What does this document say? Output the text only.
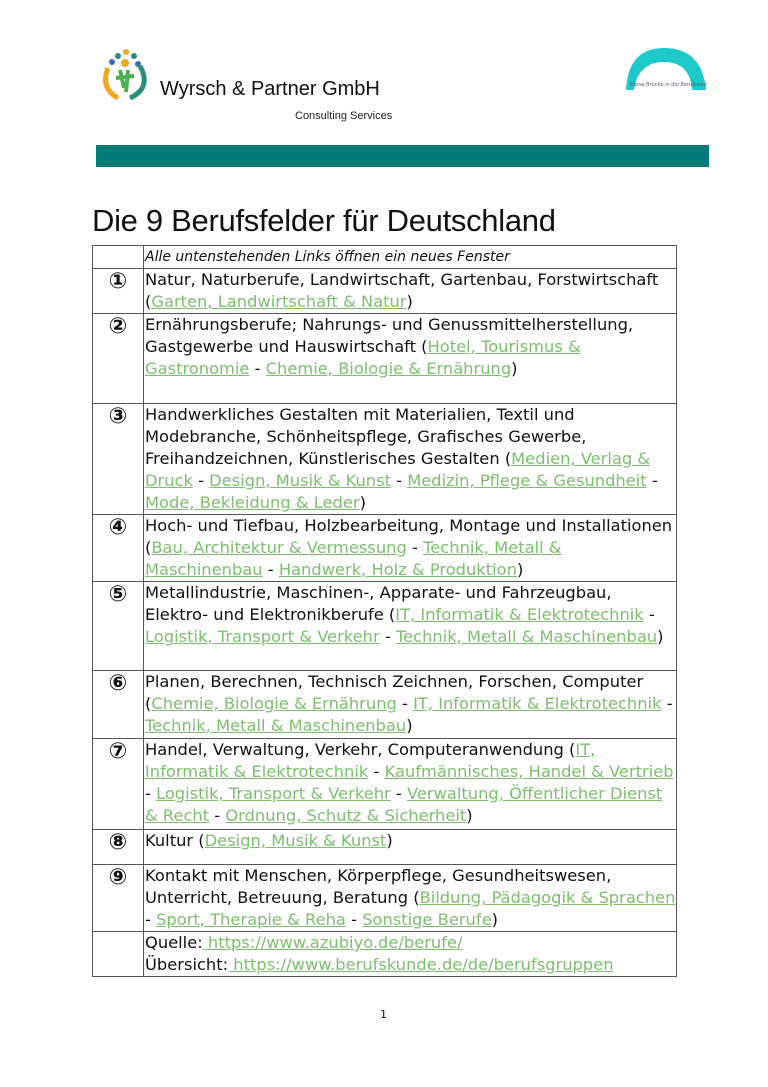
Wyrsch & Partner GmbH
Consulting Services
Deine Brücke in die Berufswelt
Die 9 Berufsfelder für Deutschland
	Alle untenstehenden Links öffnen ein neues Fenster
①	Natur, Naturberufe, Landwirtschaft, Gartenbau, Forstwirtschaft (Garten, Landwirtschaft & Natur)
②	Ernährungsberufe; Nahrungs- und Genussmittelherstellung, Gastgewerbe und Hauswirtschaft (Hotel, Tourismus & Gastronomie - Chemie, Biologie & Ernährung)
③	Handwerkliches Gestalten mit Materialien, Textil und Modebranche, Schönheitspflege, Grafisches Gewerbe, Freihandzeichnen, Künstlerisches Gestalten (Medien, Verlag & Druck - Design, Musik & Kunst - Medizin, Pflege & Gesundheit - Mode, Bekleidung & Leder)
④	Hoch- und Tiefbau, Holzbearbeitung, Montage und Installationen (Bau, Architektur & Vermessung - Technik, Metall & Maschinenbau - Handwerk, Holz & Produktion)
⑤	Metallindustrie, Maschinen-, Apparate- und Fahrzeugbau, Elektro- und Elektronikberufe (IT, Informatik & Elektrotechnik - Logistik, Transport & Verkehr - Technik, Metall & Maschinenbau)
⑥	Planen, Berechnen, Technisch Zeichnen, Forschen, Computer (Chemie, Biologie & Ernährung - IT, Informatik & Elektrotechnik - Technik, Metall & Maschinenbau)
⑦	Handel, Verwaltung, Verkehr, Computeranwendung (IT, Informatik & Elektrotechnik - Kaufmännisches, Handel & Vertrieb - Logistik, Transport & Verkehr - Verwaltung, Öffentlicher Dienst & Recht - Ordnung, Schutz & Sicherheit)
⑧	Kultur (Design, Musik & Kunst)
⑨	Kontakt mit Menschen, Körperpflege, Gesundheitswesen, Unterricht, Betreuung, Beratung (Bildung, Pädagogik & Sprachen - Sport, Therapie & Reha - Sonstige Berufe)
	Quelle: https://www.azubiyo.de/berufe/
Übersicht: https://www.berufskunde.de/de/berufsgruppen
1
